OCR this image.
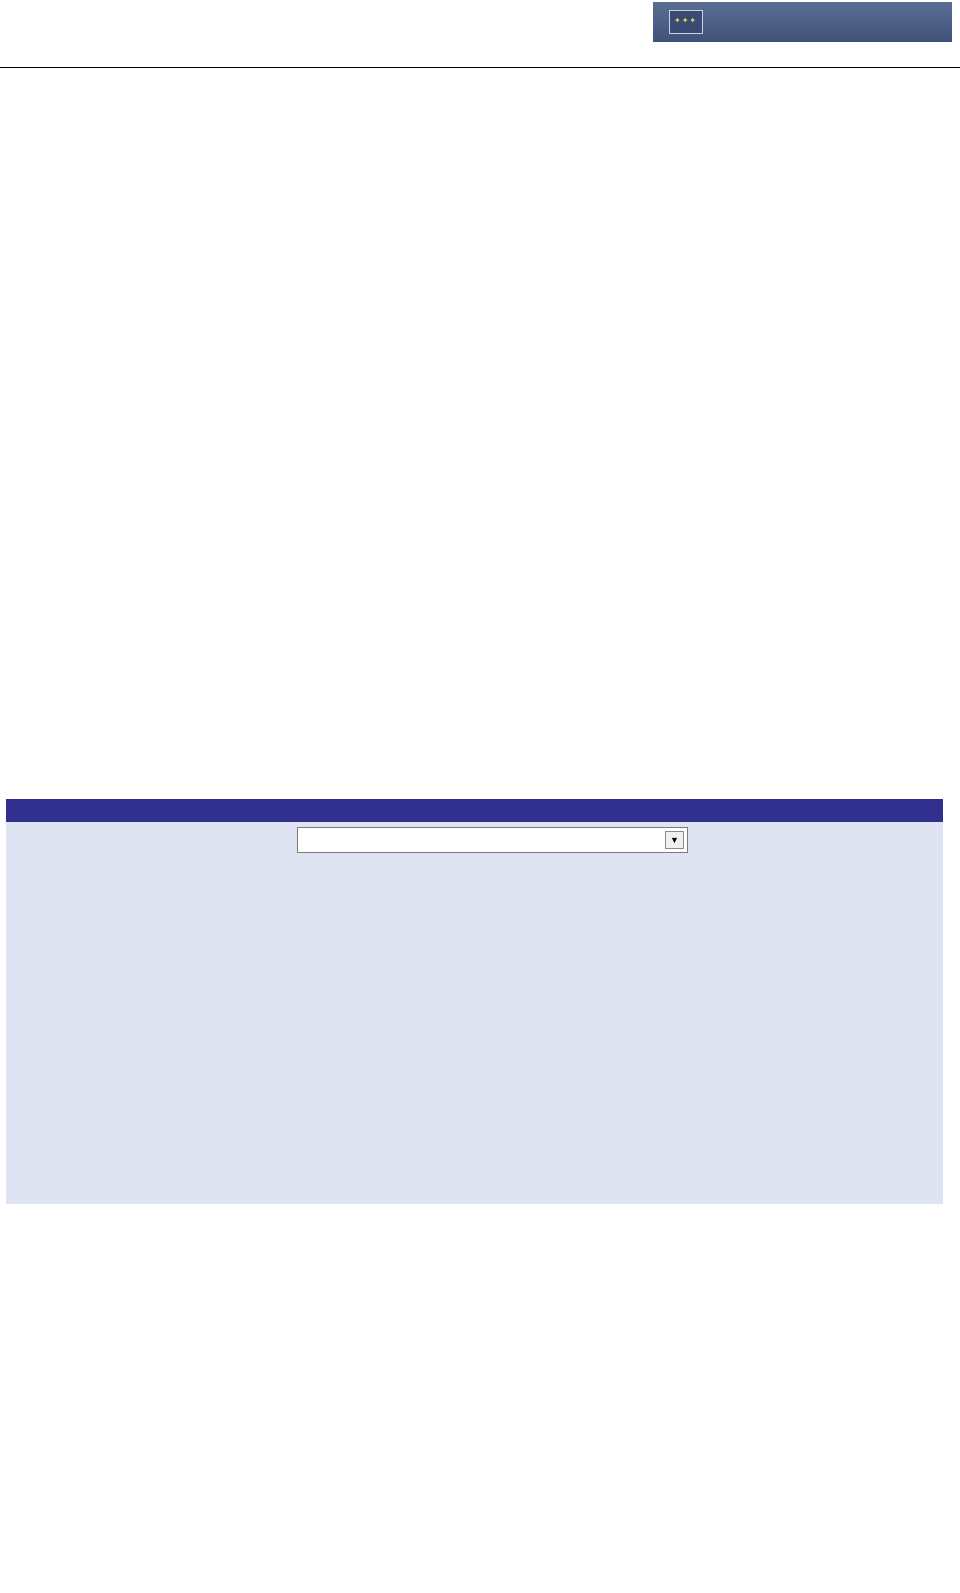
✦✦✦
▼
